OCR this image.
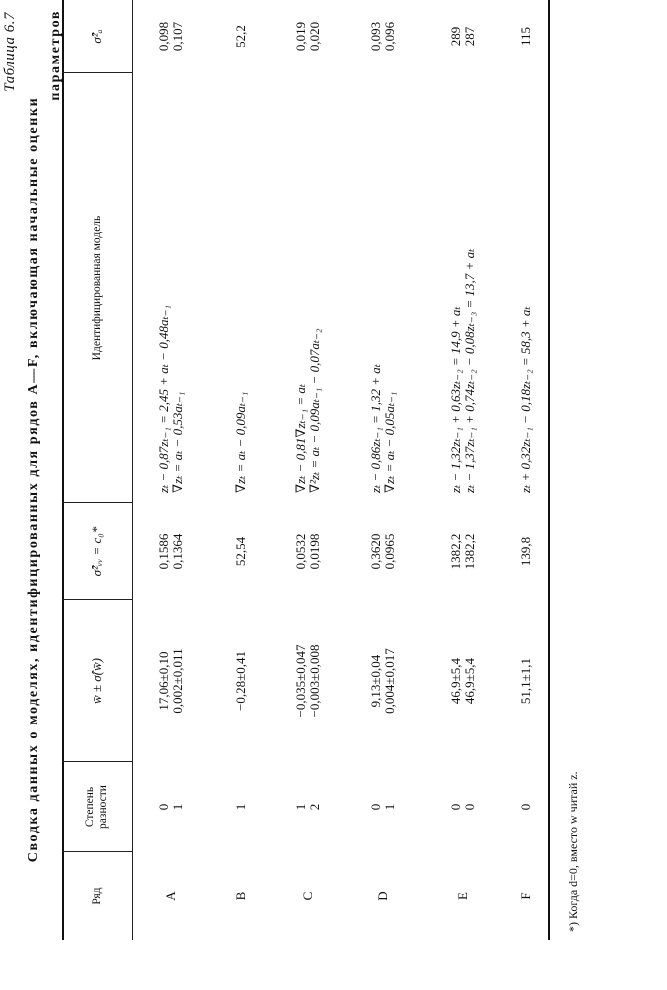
Таблица 6.7
Сводка данных о моделях, идентифицированных для рядов A—F, включающая начальные оценки
параметров
Ряд
Степень разности
w̄ ± σ̂(w̄)
σ̂²ᵥᵥ = c₀*
Идентифицированная модель
σ̂²ₐ
A
0 1
17,06±0,10 0,002±0,011
0,1586 0,1364
zₜ − 0,87zₜ₋₁ = 2,45 + aₜ − 0,48aₜ₋₁ ∇zₜ = aₜ − 0,53aₜ₋₁
0,098 0,107
B
1
−0,28±0,41
52,54
∇zₜ = aₜ − 0,09aₜ₋₁
52,2
C
1 2
−0,035±0,047 −0,003±0,008
0,0532 0,0198
∇zₜ − 0,81∇zₜ₋₁ = aₜ ∇²zₜ = aₜ − 0,09aₜ₋₁ − 0,07aₜ₋₂
0,019 0,020
D
0 1
9,13±0,04 0,004±0,017
0,3620 0,0965
zₜ − 0,86zₜ₋₁ = 1,32 + aₜ ∇zₜ = aₜ − 0,05aₜ₋₁
0,093 0,096
E
0 0
46,9±5,4 46,9±5,4
1382,2 1382,2
zₜ − 1,32zₜ₋₁ + 0,63zₜ₋₂ = 14,9 + aₜ zₜ − 1,37zₜ₋₁ + 0,74zₜ₋₂ − 0,08zₜ₋₃ = 13,7 + aₜ
289 287
F
0
51,1±1,1
139,8
zₜ + 0,32zₜ₋₁ − 0,18zₜ₋₂ = 58,3 + aₜ
115
*) Когда d=0, вместо w читай z.
